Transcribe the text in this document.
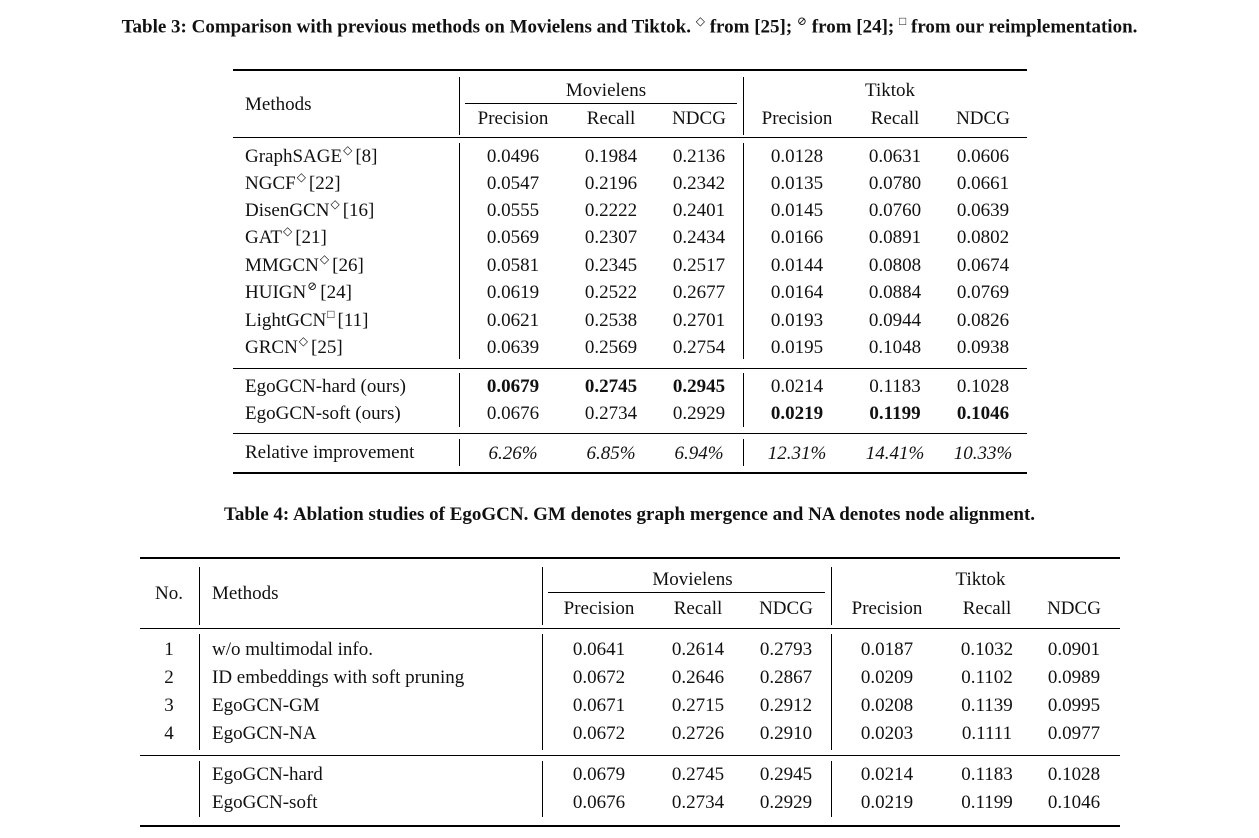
Table 3: Comparison with previous methods on Movielens and Tiktok. ◇ from [25]; ⊘ from [24]; □ from our reimplementation.
Methods
Movielens	Tiktok
Precision Recall NDCG Precision Recall NDCG
GraphSAGE◇ [8]	0.0496 0.1984 0.2136 0.0128 0.0631 0.0606
NGCF◇ [22]	0.0547 0.2196 0.2342 0.0135 0.0780 0.0661
DisenGCN◇ [16]	0.0555 0.2222 0.2401 0.0145 0.0760 0.0639
GAT◇ [21]	0.0569 0.2307 0.2434 0.0166 0.0891 0.0802
MMGCN◇ [26]	0.0581 0.2345 0.2517 0.0144 0.0808 0.0674
HUIGN⊘ [24]	0.0619 0.2522 0.2677 0.0164 0.0884 0.0769
LightGCN□ [11]	0.0621 0.2538 0.2701 0.0193 0.0944 0.0826
GRCN◇ [25]	0.0639 0.2569 0.2754 0.0195 0.1048 0.0938
EgoGCN-hard (ours)	0.0679 0.2745 0.2945 0.0214 0.1183 0.1028
EgoGCN-soft (ours)	0.0676 0.2734 0.2929 0.0219 0.1199 0.1046
Relative improvement	6.26%	6.85% 6.94% 12.31% 14.41% 10.33%
Table 4: Ablation studies of EgoGCN. GM denotes graph mergence and NA denotes node alignment.
No. Methods
Movielens	Tiktok
Precision Recall NDCG Precision Recall NDCG
1 w/o multimodal info.	0.0641 0.2614 0.2793	0.0187	0.1032 0.0901
2 ID embeddings with soft pruning	0.0672 0.2646 0.2867	0.0209	0.1102 0.0989
3 EgoGCN-GM	0.0671 0.2715 0.2912	0.0208	0.1139 0.0995
4 EgoGCN-NA	0.0672 0.2726 0.2910	0.0203	0.1111 0.0977
EgoGCN-hard	0.0679 0.2745 0.2945	0.0214	0.1183 0.1028
EgoGCN-soft	0.0676 0.2734 0.2929	0.0219	0.1199 0.1046
